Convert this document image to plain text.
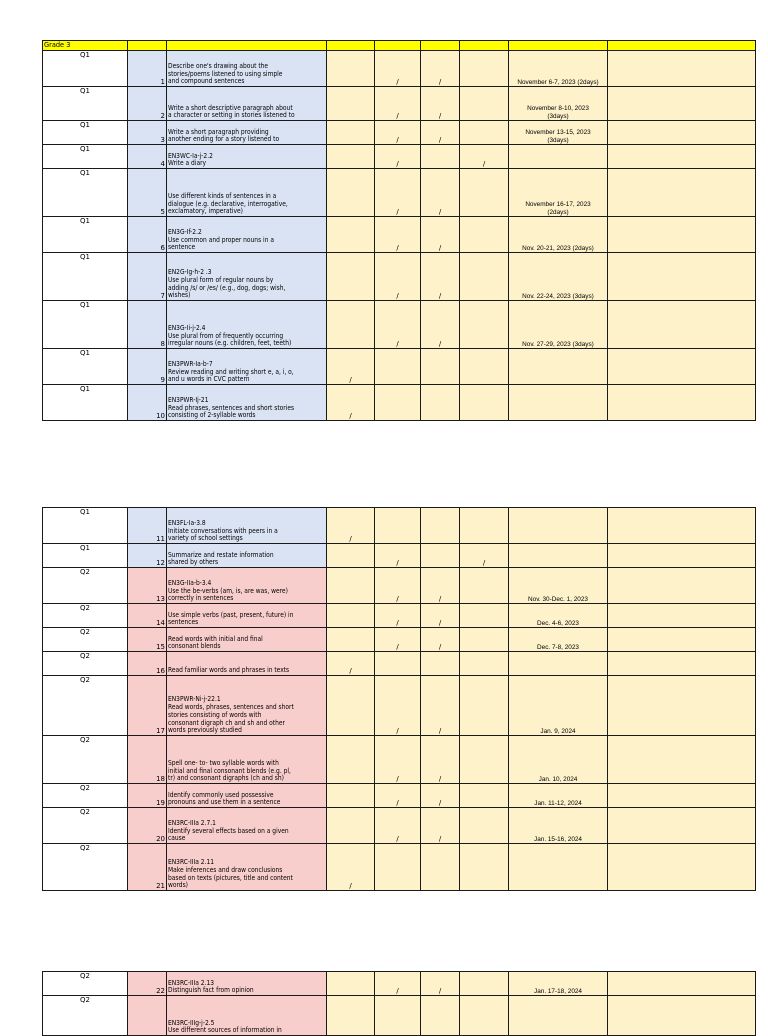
Grade 3								
Q1	1	Describe one's drawing about the
stories/poems listened to using simple
and compound sentences		/	/		November 6-7, 2023 (2days)	
Q1	2	Write a short descriptive paragraph about
a character or setting in stories listened to		/	/		November 8-10, 2023
(3days)	
Q1	3	Write a short paragraph providing
another ending for a story listened to		/	/		November 13-15, 2023
(3days)	
Q1	4	EN3WC-Ia-j-2.2
Write a diary		/		/		
Q1	5	Use different kinds of sentences in a
dialogue (e.g. declarative, interrogative,
exclamatory, imperative)		/	/		November 16-17, 2023
(2days)	
Q1	6	EN3G-If-2.2
Use common and proper nouns in a
sentence		/	/		Nov. 20-21, 2023 (2days)	
Q1	7	EN2G-Ig-h-2 .3
Use plural form of regular nouns by
adding /s/ or /es/ (e.g., dog, dogs; wish,
wishes)		/	/		Nov. 22-24, 2023 (3days)	
Q1	8	EN3G-Ii-j-2.4
Use plural from of frequently occurring
irregular nouns (e.g. children, feet, teeth)		/	/		Nov. 27-29, 2023 (3days)	
Q1	9	EN3PWR-Ia-b-7
Review reading and writing short e, a, i, o,
and u words in CVC pattern	/					
Q1	10	EN3PWR-Ij-21
Read phrases, sentences and short stories
consisting of 2-syllable words	/					
Q1	11	EN3FL-Ia-3.8
Initiate conversations with peers in a
variety of school settings	/					
Q1	12	Summarize and restate information
shared by others		/		/		
Q2	13	EN3G-IIa-b-3.4
Use the be-verbs (am, is, are was, were)
correctly in sentences		/	/		Nov. 30-Dec. 1, 2023	
Q2	14	Use simple verbs (past, present, future) in
sentences		/	/		Dec. 4-6, 2023	
Q2	15	Read words with initial and final
consonant blends		/	/		Dec. 7-8, 2023	
Q2	16	Read familiar words and phrases in texts	/					
Q2	17	EN3PWR-Ni-j-22.1
Read words, phrases, sentences and short
stories consisting of words with
consonant digraph ch and sh and other
words previously studied		/	/		Jan. 9, 2024	
Q2	18	Spell one- to- two syllable words with
initial and final consonant blends (e.g. pl,
tr) and consonant digraphs (ch and sh)		/	/		Jan. 10, 2024	
Q2	19	Identify commonly used possessive
pronouns and use them in a sentence		/	/		Jan. 11-12, 2024	
Q2	20	EN3RC-IIIa 2.7.1
Identify several effects based on a given
cause		/	/		Jan. 15-16, 2024	
Q2	21	EN3RC-IIIa 2.11
Make inferences and draw conclusions
based on texts (pictures, title and content
words)	/					
Q2	22	EN3RC-IIIa 2.13
Distinguish fact from opinion		/	/		Jan. 17-18, 2024	
Q2		EN3RC-IIIg-j-2.5
Use different sources of information in						
